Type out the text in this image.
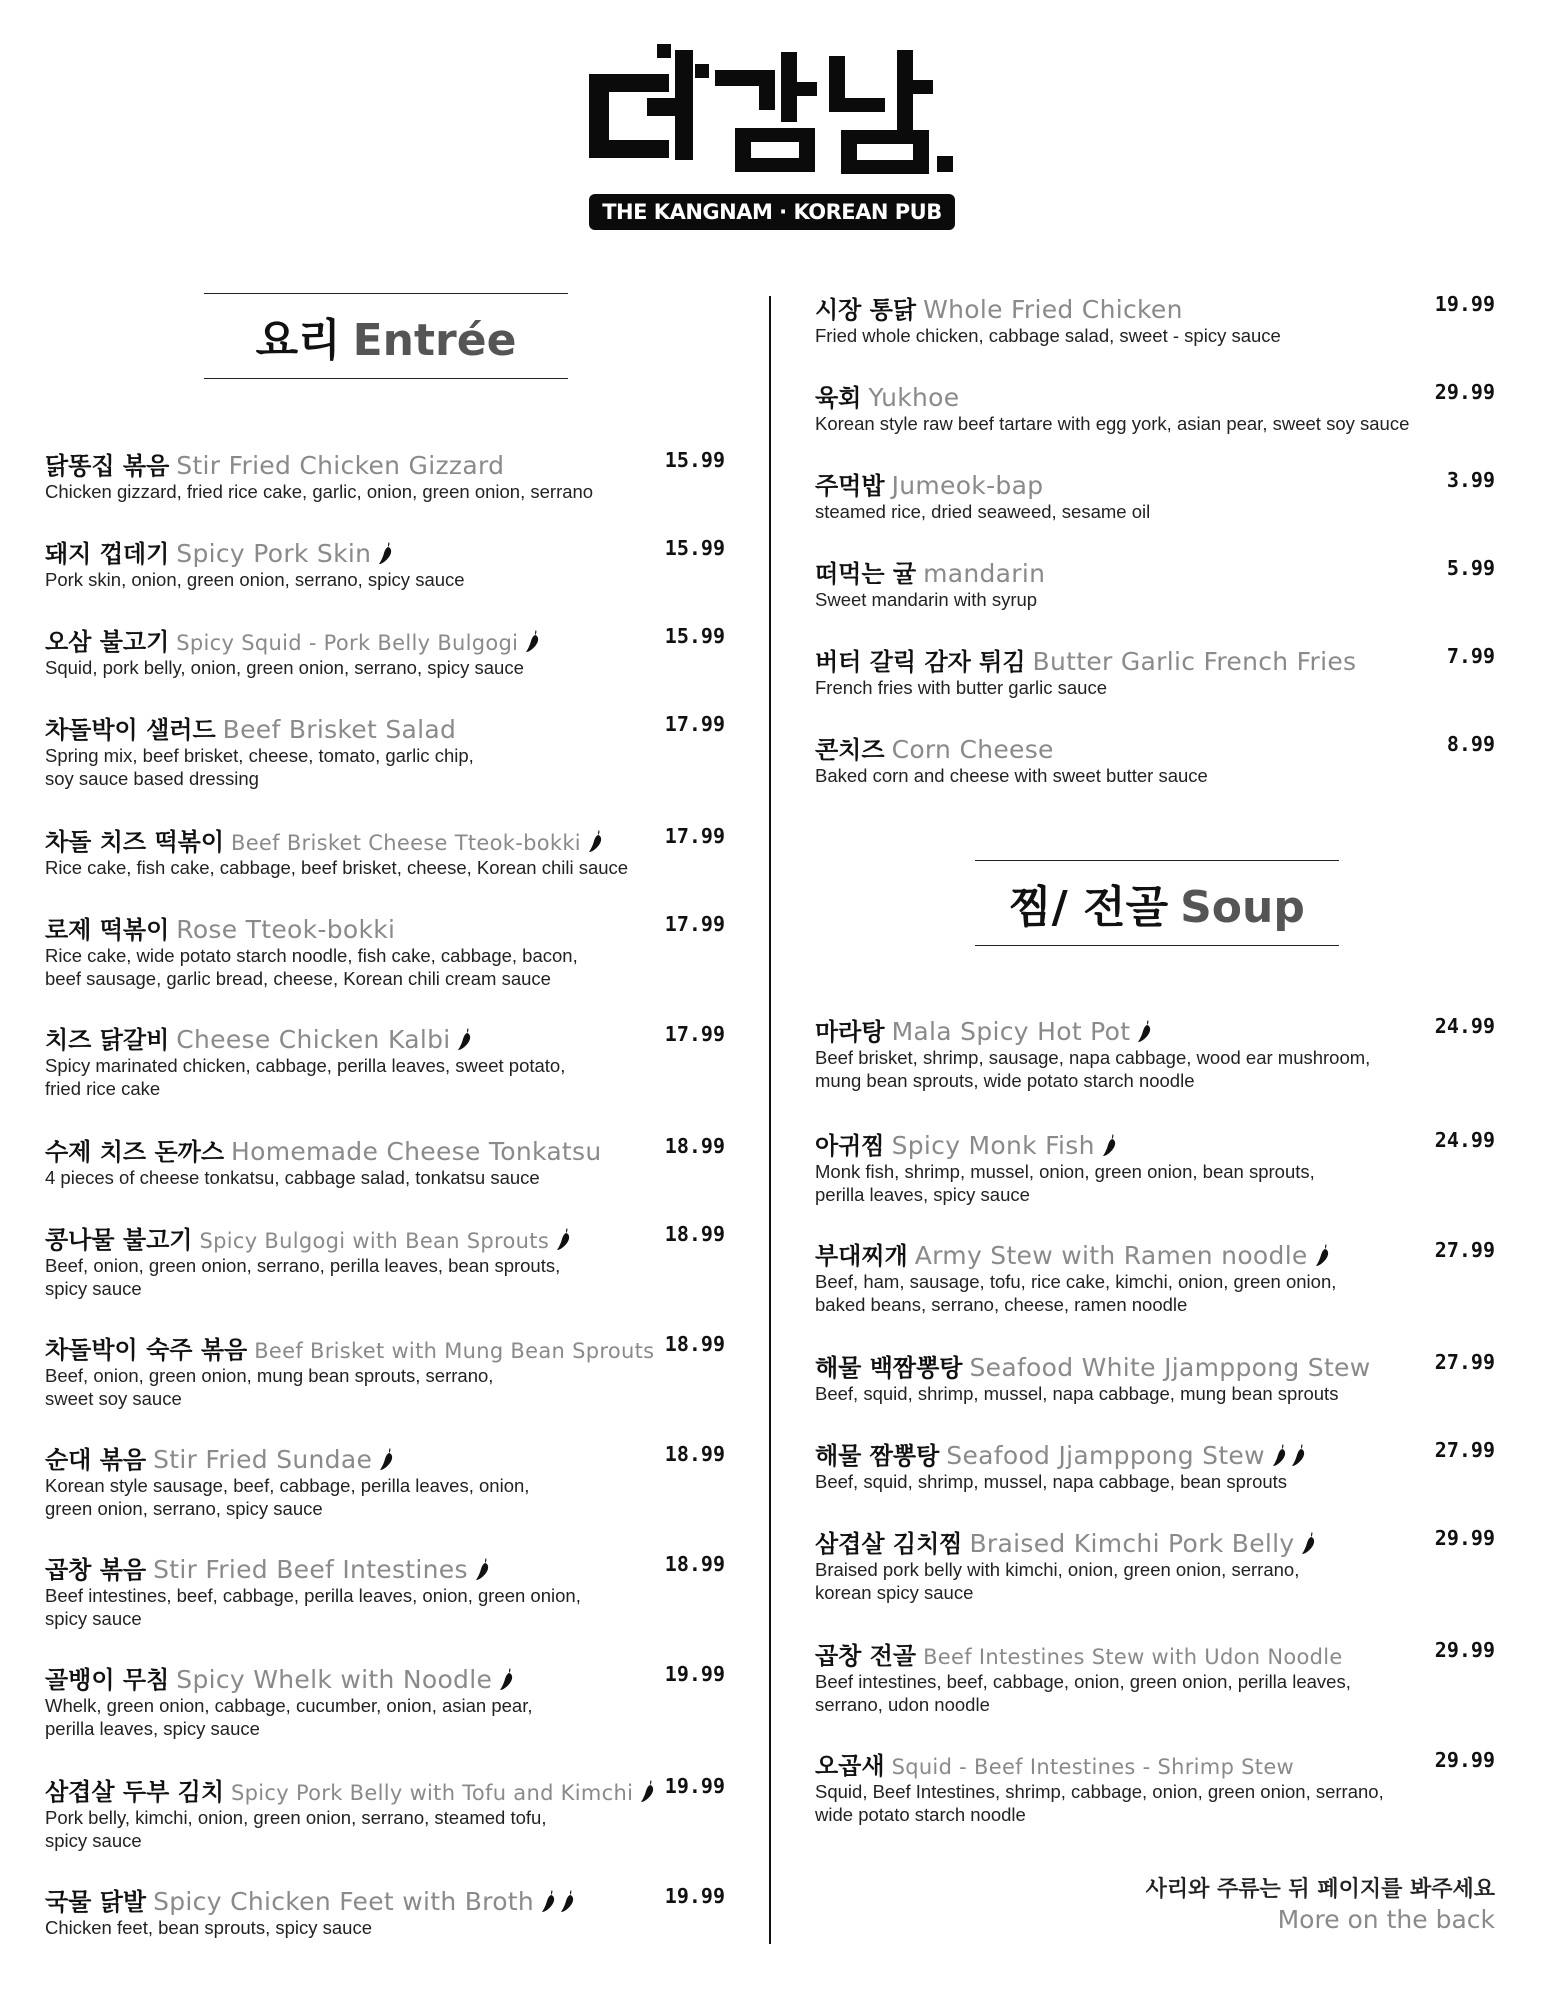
THE KANGNAM · KOREAN PUB
요리 Entrée
찜/ 전골 Soup
닭똥집 볶음 Stir Fried Chicken Gizzard	15.99
Chicken gizzard, fried rice cake, garlic, onion, green onion, serrano
돼지 껍데기 Spicy Pork Skin	15.99
Pork skin, onion, green onion, serrano, spicy sauce
오삼 불고기 Spicy Squid - Pork Belly Bulgogi	15.99
Squid, pork belly, onion, green onion, serrano, spicy sauce
차돌박이 샐러드 Beef Brisket Salad	17.99
Spring mix, beef brisket, cheese, tomato, garlic chip,
soy sauce based dressing
차돌 치즈 떡볶이 Beef Brisket Cheese Tteok-bokki	17.99
Rice cake, fish cake, cabbage, beef brisket, cheese, Korean chili sauce
로제 떡볶이 Rose Tteok-bokki	17.99
Rice cake, wide potato starch noodle, fish cake, cabbage, bacon,
beef sausage, garlic bread, cheese, Korean chili cream sauce
치즈 닭갈비 Cheese Chicken Kalbi	17.99
Spicy marinated chicken, cabbage, perilla leaves, sweet potato,
fried rice cake
수제 치즈 돈까스 Homemade Cheese Tonkatsu	18.99
4 pieces of cheese tonkatsu, cabbage salad, tonkatsu sauce
콩나물 불고기 Spicy Bulgogi with Bean Sprouts	18.99
Beef, onion, green onion, serrano, perilla leaves, bean sprouts,
spicy sauce
차돌박이 숙주 볶음 Beef Brisket with Mung Bean Sprouts 18.99
Beef, onion, green onion, mung bean sprouts, serrano,
sweet soy sauce
순대 볶음 Stir Fried Sundae	18.99
Korean style sausage, beef, cabbage, perilla leaves, onion,
green onion, serrano, spicy sauce
곱창 볶음 Stir Fried Beef Intestines	18.99
Beef intestines, beef, cabbage, perilla leaves, onion, green onion,
spicy sauce
골뱅이 무침 Spicy Whelk with Noodle	19.99
Whelk, green onion, cabbage, cucumber, onion, asian pear,
perilla leaves, spicy sauce
삼겹살 두부 김치 Spicy Pork Belly with Tofu and Kimchi 19.99
Pork belly, kimchi, onion, green onion, serrano, steamed tofu,
spicy sauce
국물 닭발 Spicy Chicken Feet with Broth	19.99
Chicken feet, bean sprouts, spicy sauce
시장 통닭 Whole Fried Chicken	19.99
Fried whole chicken, cabbage salad, sweet - spicy sauce
육회 Yukhoe	29.99
Korean style raw beef tartare with egg york, asian pear, sweet soy sauce
주먹밥 Jumeok-bap	3.99
steamed rice, dried seaweed, sesame oil
떠먹는 귤 mandarin	5.99
Sweet mandarin with syrup
버터 갈릭 감자 튀김 Butter Garlic French Fries	7.99
French fries with butter garlic sauce
콘치즈 Corn Cheese	8.99
Baked corn and cheese with sweet butter sauce
마라탕 Mala Spicy Hot Pot	24.99
Beef brisket, shrimp, sausage, napa cabbage, wood ear mushroom,
mung bean sprouts, wide potato starch noodle
아귀찜 Spicy Monk Fish	24.99
Monk fish, shrimp, mussel, onion, green onion, bean sprouts,
perilla leaves, spicy sauce
부대찌개 Army Stew with Ramen noodle	27.99
Beef, ham, sausage, tofu, rice cake, kimchi, onion, green onion,
baked beans, serrano, cheese, ramen noodle
해물 백짬뽕탕 Seafood White Jjamppong Stew	27.99
Beef, squid, shrimp, mussel, napa cabbage, mung bean sprouts
해물 짬뽕탕 Seafood Jjamppong Stew	27.99
Beef, squid, shrimp, mussel, napa cabbage, bean sprouts
삼겹살 김치찜 Braised Kimchi Pork Belly	29.99
Braised pork belly with kimchi, onion, green onion, serrano,
korean spicy sauce
곱창 전골 Beef Intestines Stew with Udon Noodle	29.99
Beef intestines, beef, cabbage, onion, green onion, perilla leaves,
serrano, udon noodle
오곱새 Squid - Beef Intestines - Shrimp Stew	29.99
Squid, Beef Intestines, shrimp, cabbage, onion, green onion, serrano,
wide potato starch noodle
사리와 주류는 뒤 페이지를 봐주세요
More on the back
